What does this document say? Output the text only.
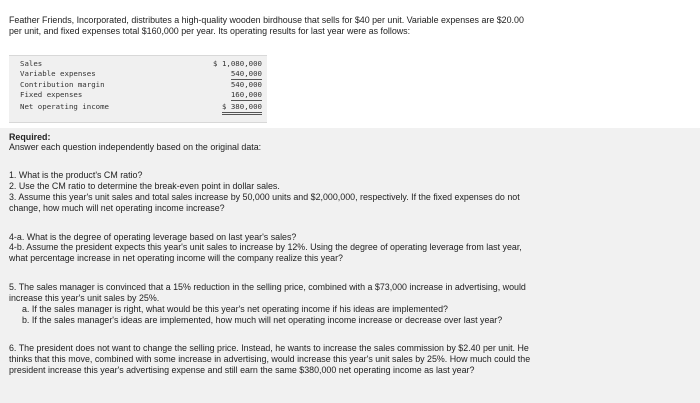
Feather Friends, Incorporated, distributes a high-quality wooden birdhouse that sells for $40 per unit. Variable expenses are $20.00
per unit, and fixed expenses total $160,000 per year. Its operating results for last year were as follows:
Sales	$ 1,080,000
Variable expenses	540,000
Contribution margin	540,000
Fixed expenses	160,000
Net operating income	$ 380,000
Required:
Answer each question independently based on the original data:
1. What is the product's CM ratio?
2. Use the CM ratio to determine the break-even point in dollar sales.
3. Assume this year's unit sales and total sales increase by 50,000 units and $2,000,000, respectively. If the fixed expenses do not
change, how much will net operating income increase?
4-a. What is the degree of operating leverage based on last year's sales?
4-b. Assume the president expects this year's unit sales to increase by 12%. Using the degree of operating leverage from last year,
what percentage increase in net operating income will the company realize this year?
5. The sales manager is convinced that a 15% reduction in the selling price, combined with a $73,000 increase in advertising, would
increase this year's unit sales by 25%.
a. If the sales manager is right, what would be this year's net operating income if his ideas are implemented?
b. If the sales manager's ideas are implemented, how much will net operating income increase or decrease over last year?
6. The president does not want to change the selling price. Instead, he wants to increase the sales commission by $2.40 per unit. He
thinks that this move, combined with some increase in advertising, would increase this year's unit sales by 25%. How much could the
president increase this year's advertising expense and still earn the same $380,000 net operating income as last year?
